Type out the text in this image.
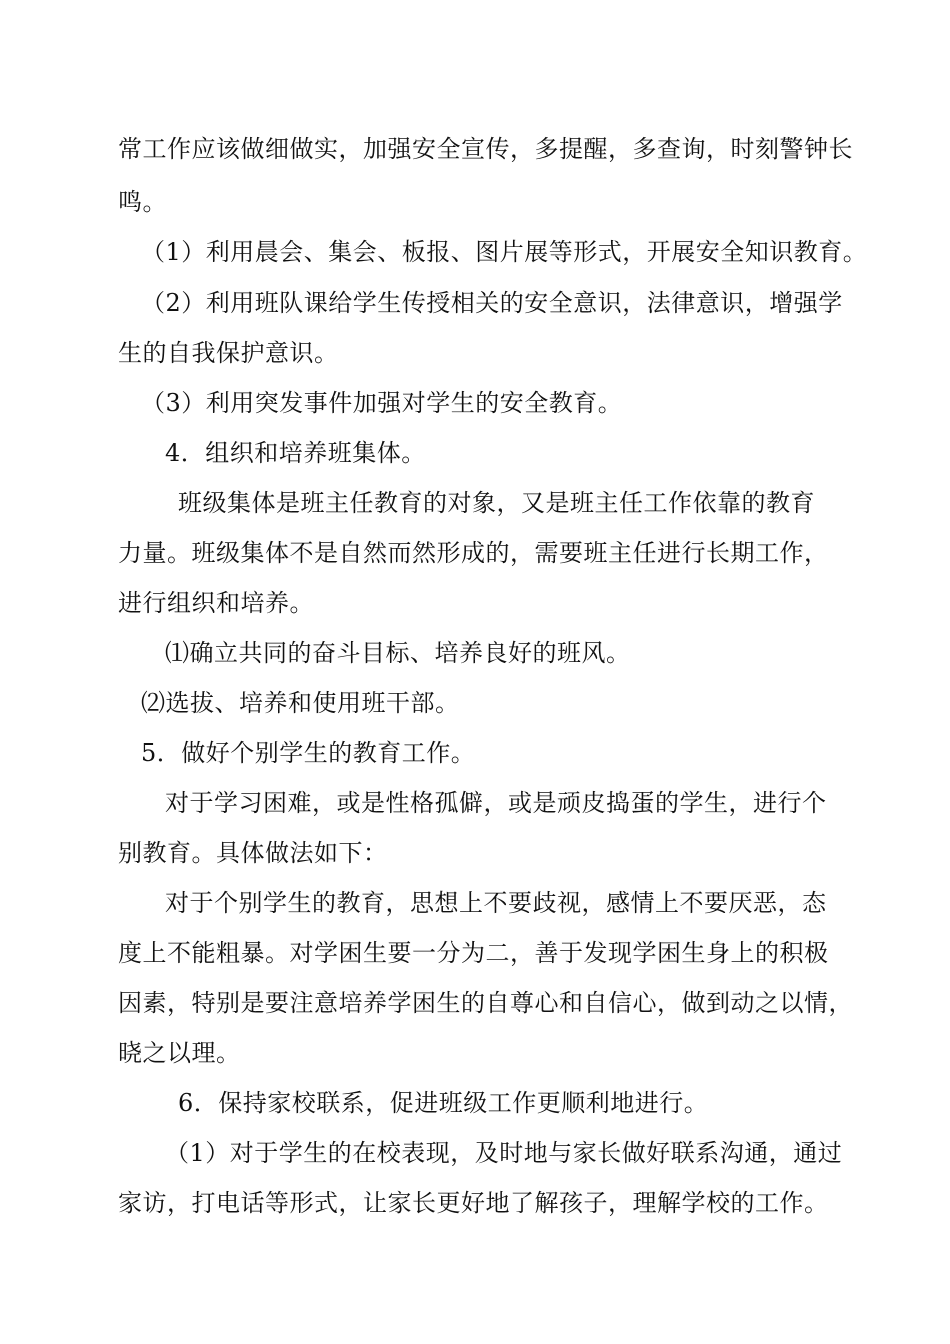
常工作应该做细做实，加强安全宣传，多提醒，多查询，时刻警钟长
鸣。
（1）利用晨会、集会、板报、图片展等形式，开展安全知识教育。
（2）利用班队课给学生传授相关的安全意识，法律意识，增强学
生的自我保护意识。
（3）利用突发事件加强对学生的安全教育。
4．组织和培养班集体。
班级集体是班主任教育的对象，又是班主任工作依靠的教育
力量。班级集体不是自然而然形成的，需要班主任进行长期工作，
进行组织和培养。
⑴确立共同的奋斗目标、培养良好的班风。
⑵选拔、培养和使用班干部。
5．做好个别学生的教育工作。
对于学习困难，或是性格孤僻，或是顽皮捣蛋的学生，进行个
别教育。具体做法如下：
对于个别学生的教育，思想上不要歧视，感情上不要厌恶，态
度上不能粗暴。对学困生要一分为二，善于发现学困生身上的积极
因素，特别是要注意培养学困生的自尊心和自信心，做到动之以情，
晓之以理。
6．保持家校联系，促进班级工作更顺利地进行。
（1）对于学生的在校表现，及时地与家长做好联系沟通，通过
家访，打电话等形式，让家长更好地了解孩子，理解学校的工作。
